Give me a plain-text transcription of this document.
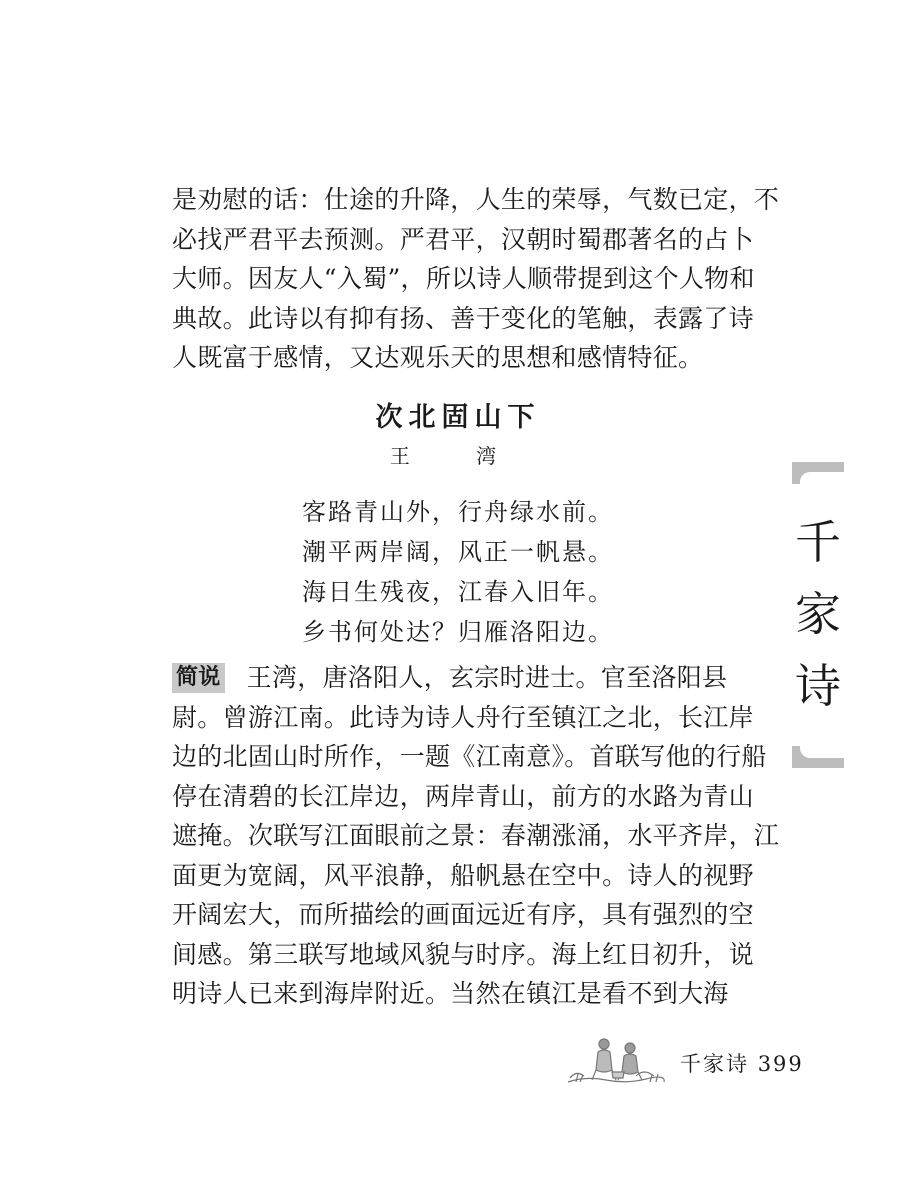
是劝慰的话：仕途的升降，人生的荣辱，气数已定，不
必找严君平去预测。严君平，汉朝时蜀郡著名的占卜
大师。因友人“入蜀”，所以诗人顺带提到这个人物和
典故。此诗以有抑有扬、善于变化的笔触，表露了诗
人既富于感情，又达观乐天的思想和感情特征。
次北固山下
王 湾
客路青山外，行舟绿水前。
潮平两岸阔，风正一帆悬。
海日生残夜，江春入旧年。
乡书何处达？归雁洛阳边。
简说 王湾，唐洛阳人，玄宗时进士。官至洛阳县
尉。曾游江南。此诗为诗人舟行至镇江之北，长江岸
边的北固山时所作，一题《江南意》。首联写他的行船
停在清碧的长江岸边，两岸青山，前方的水路为青山
遮掩。次联写江面眼前之景：春潮涨涌，水平齐岸，江
面更为宽阔，风平浪静，船帆悬在空中。诗人的视野
开阔宏大，而所描绘的画面远近有序，具有强烈的空
间感。第三联写地域风貌与时序。海上红日初升，说
明诗人已来到海岸附近。当然在镇江是看不到大海
千
家
诗
千家诗 399
